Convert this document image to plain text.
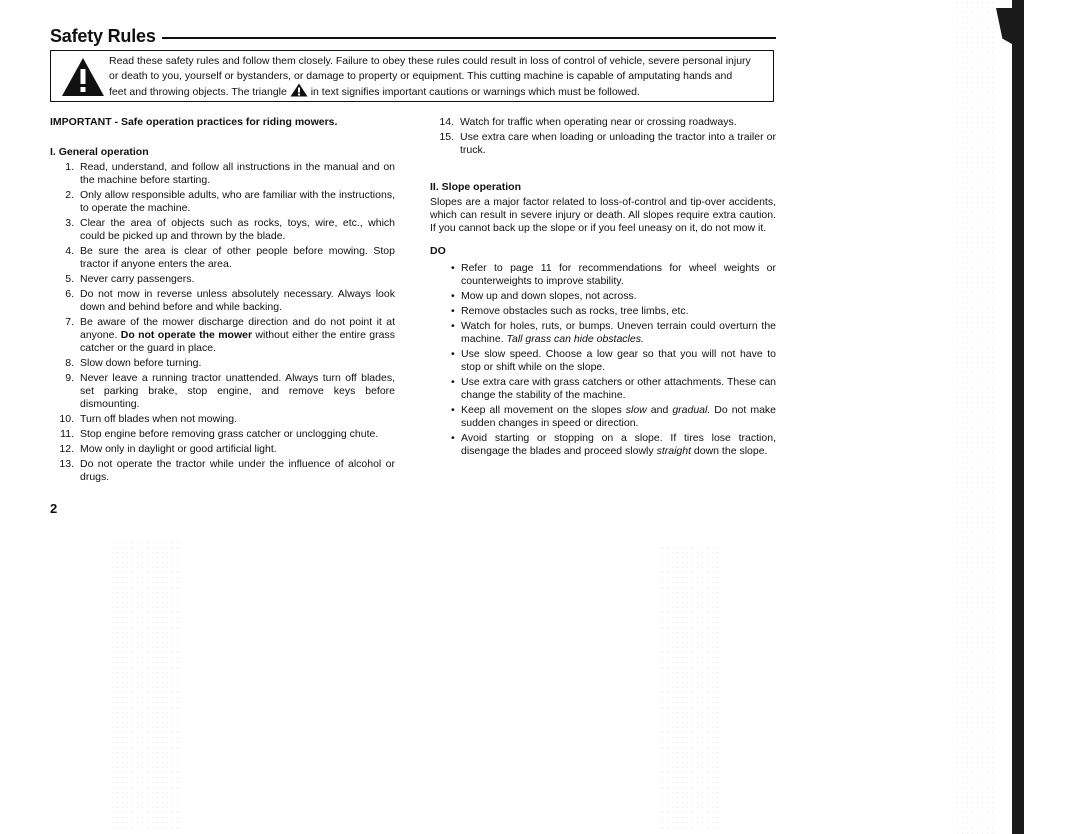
Safety Rules
Read these safety rules and follow them closely. Failure to obey these rules could result in loss of control of vehicle, severe personal injury
or death to you, yourself or bystanders, or damage to property or equipment. This cutting machine is capable of amputating hands and
feet and throwing objects. The triangle in text signifies important cautions or warnings which must be followed.
IMPORTANT - Safe operation practices for riding mowers.
I. General operation
1. Read, understand, and follow all instructions in the manual and on the machine before starting.
2. Only allow responsible adults, who are familiar with the instructions, to operate the machine.
3. Clear the area of objects such as rocks, toys, wire, etc., which could be picked up and thrown by the blade.
4. Be sure the area is clear of other people before mowing. Stop tractor if anyone enters the area.
5. Never carry passengers.
6. Do not mow in reverse unless absolutely necessary. Always look down and behind before and while backing.
7. Be aware of the mower discharge direction and do not point it at anyone. Do not operate the mower without either the entire grass catcher or the guard in place.
8. Slow down before turning.
9. Never leave a running tractor unattended. Always turn off blades, set parking brake, stop engine, and remove keys before dismounting.
10. Turn off blades when not mowing.
11. Stop engine before removing grass catcher or unclogging chute.
12. Mow only in daylight or good artificial light.
13. Do not operate the tractor while under the influence of alcohol or drugs.
2
14. Watch for traffic when operating near or crossing roadways.
15. Use extra care when loading or unloading the tractor into a trailer or truck.
II. Slope operation
Slopes are a major factor related to loss-of-control and tip-over accidents, which can result in severe injury or death. All slopes require extra caution. If you cannot back up the slope or if you feel uneasy on it, do not mow it.
DO
• Refer to page 11 for recommendations for wheel weights or counterweights to improve stability.
• Mow up and down slopes, not across.
• Remove obstacles such as rocks, tree limbs, etc.
• Watch for holes, ruts, or bumps. Uneven terrain could overturn the machine. Tall grass can hide obstacles.
• Use slow speed. Choose a low gear so that you will not have to stop or shift while on the slope.
• Use extra care with grass catchers or other attachments. These can change the stability of the machine.
• Keep all movement on the slopes slow and gradual. Do not make sudden changes in speed or direction.
• Avoid starting or stopping on a slope. If tires lose traction, disengage the blades and proceed slowly straight down the slope.
